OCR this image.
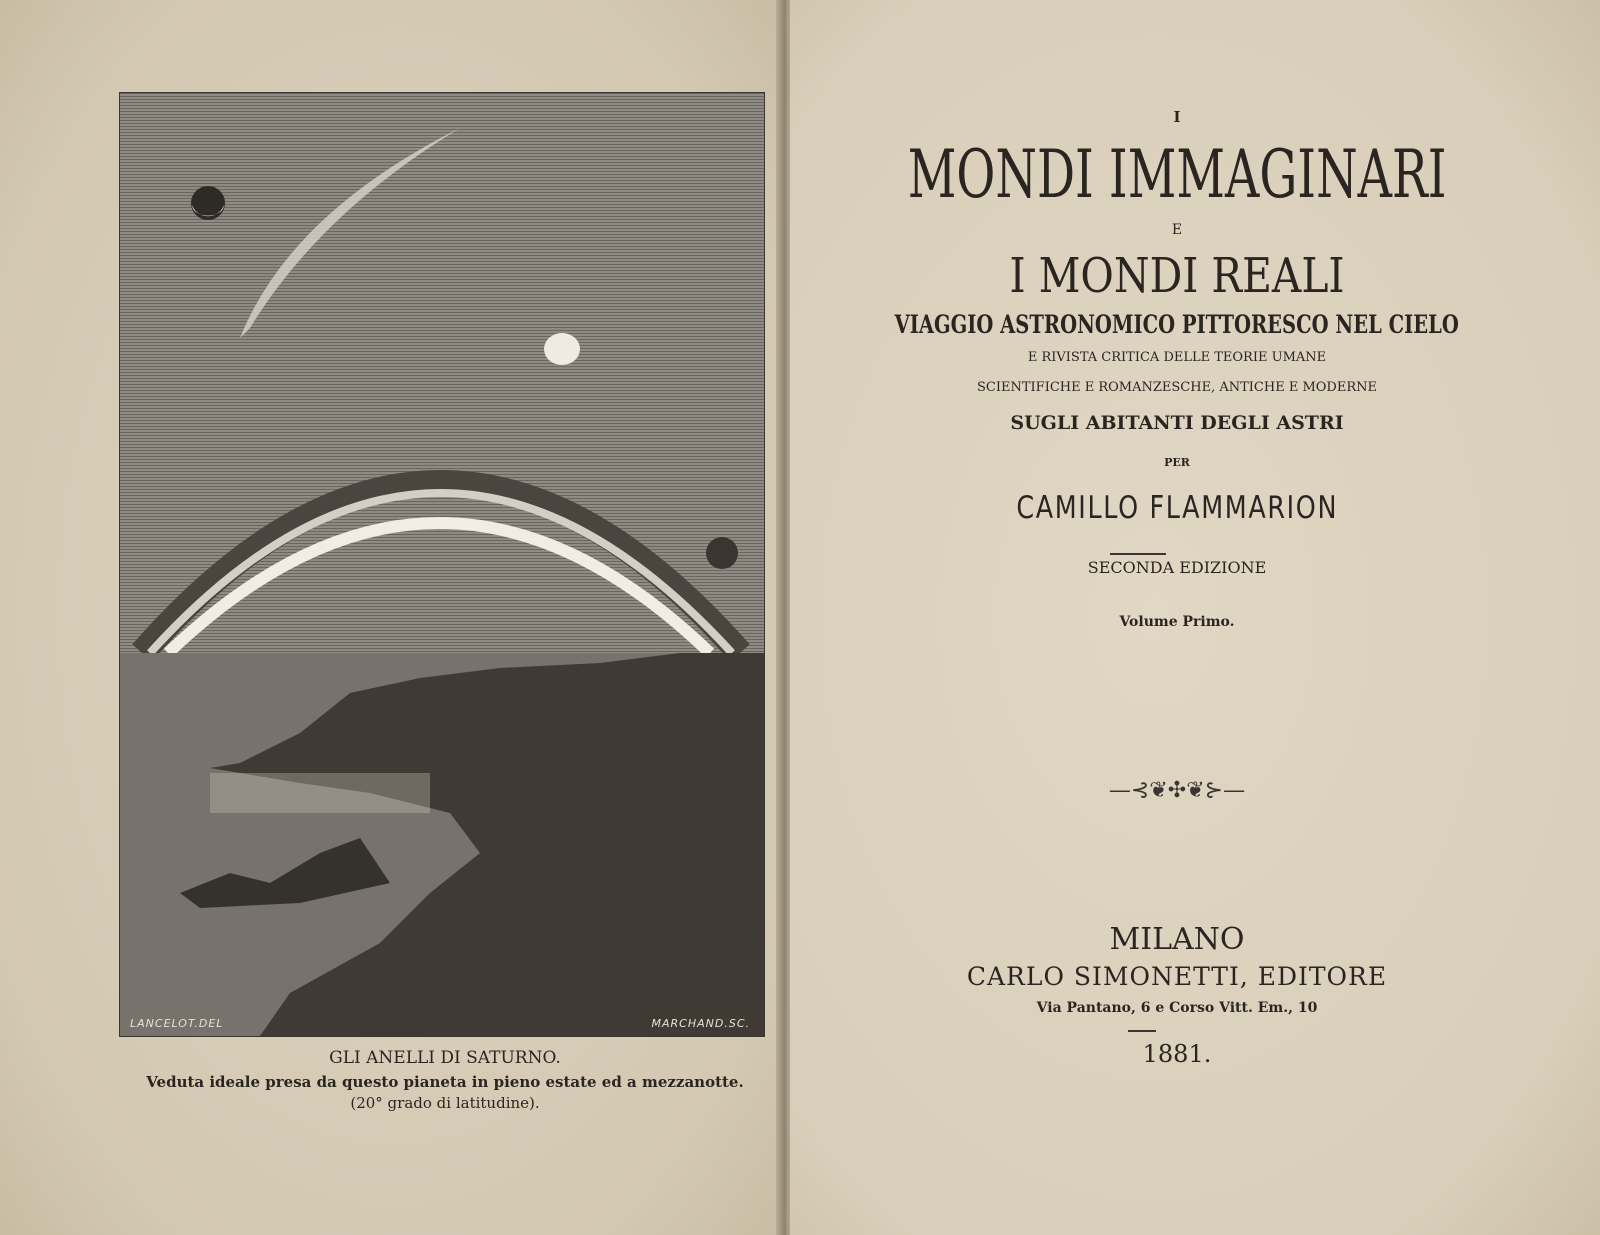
LANCELOT.DEL	MARCHAND.SC.
GLI ANELLI DI SATURNO.
Veduta ideale presa da questo pianeta in pieno estate ed a mezzanotte.
(20° grado di latitudine).
I
MONDI IMMAGINARI
E
I MONDI REALI
VIAGGIO ASTRONOMICO PITTORESCO NEL CIELO
E RIVISTA CRITICA DELLE TEORIE UMANE
SCIENTIFICHE E ROMANZESCHE, ANTICHE E MODERNE
SUGLI ABITANTI DEGLI ASTRI
PER
CAMILLO FLAMMARION
SECONDA EDIZIONE
Volume Primo.
—⊰❦✣❦⊱—
MILANO
CARLO SIMONETTI, EDITORE
Via Pantano, 6 e Corso Vitt. Em., 10
1881.
